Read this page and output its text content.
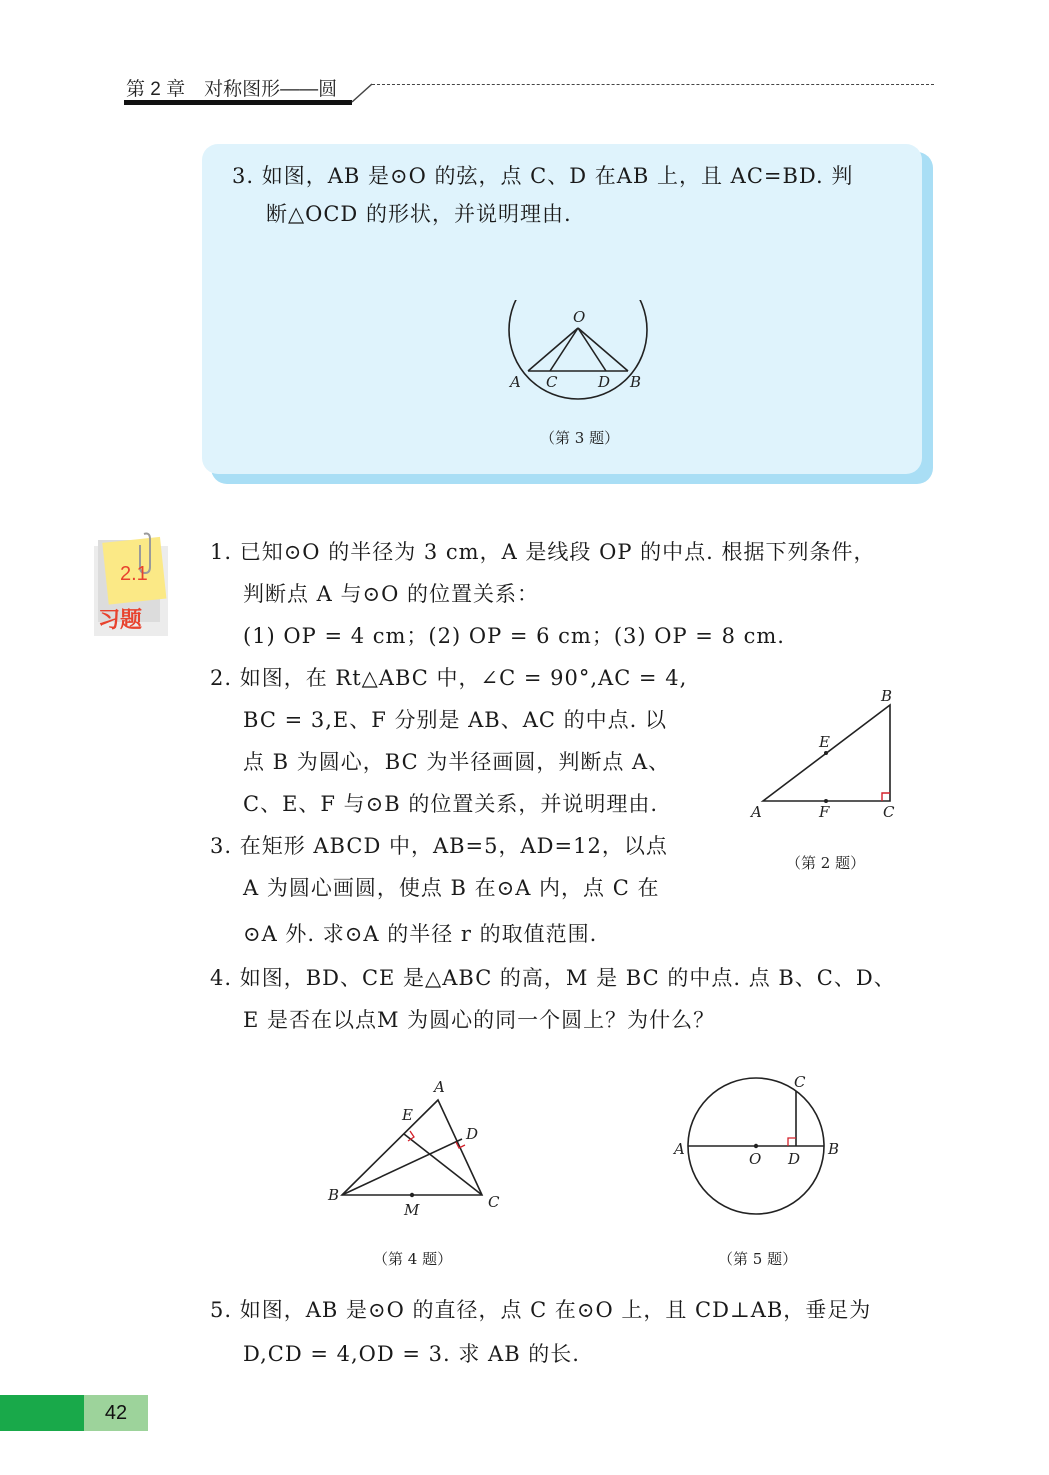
第 2 章　对称图形——圆
3. 如图，AB 是⊙O 的弦，点 C、D 在AB 上，且 AC=BD. 判
断△OCD 的形状，并说明理由.
O
A C	D B
（第 3 题）
2.1
习题
1. 已知⊙O 的半径为 3 cm，A 是线段 OP 的中点. 根据下列条件，
判断点 A 与⊙O 的位置关系：
(1) OP = 4 cm；(2) OP = 6 cm；(3) OP = 8 cm.
2. 如图，在 Rt△ABC 中，∠C = 90°,AC = 4,
BC = 3,E、F 分别是 AB、AC 的中点. 以
点 B 为圆心，BC 为半径画圆，判断点 A、
C、E、F 与⊙B 的位置关系，并说明理由.
B
E
A	F	C
（第 2 题）
3. 在矩形 ABCD 中，AB=5，AD=12，以点
A 为圆心画圆，使点 B 在⊙A 内，点 C 在
⊙A 外. 求⊙A 的半径 r 的取值范围.
4. 如图，BD、CE 是△ABC 的高，M 是 BC 的中点. 点 B、C、D、
E 是否在以点M 为圆心的同一个圆上？为什么？
A
E
D
B	C
M
（第 4 题）
C
A	B
O D
（第 5 题）
5. 如图，AB 是⊙O 的直径，点 C 在⊙O 上，且 CD⊥AB，垂足为
D,CD = 4,OD = 3. 求 AB 的长.
42
